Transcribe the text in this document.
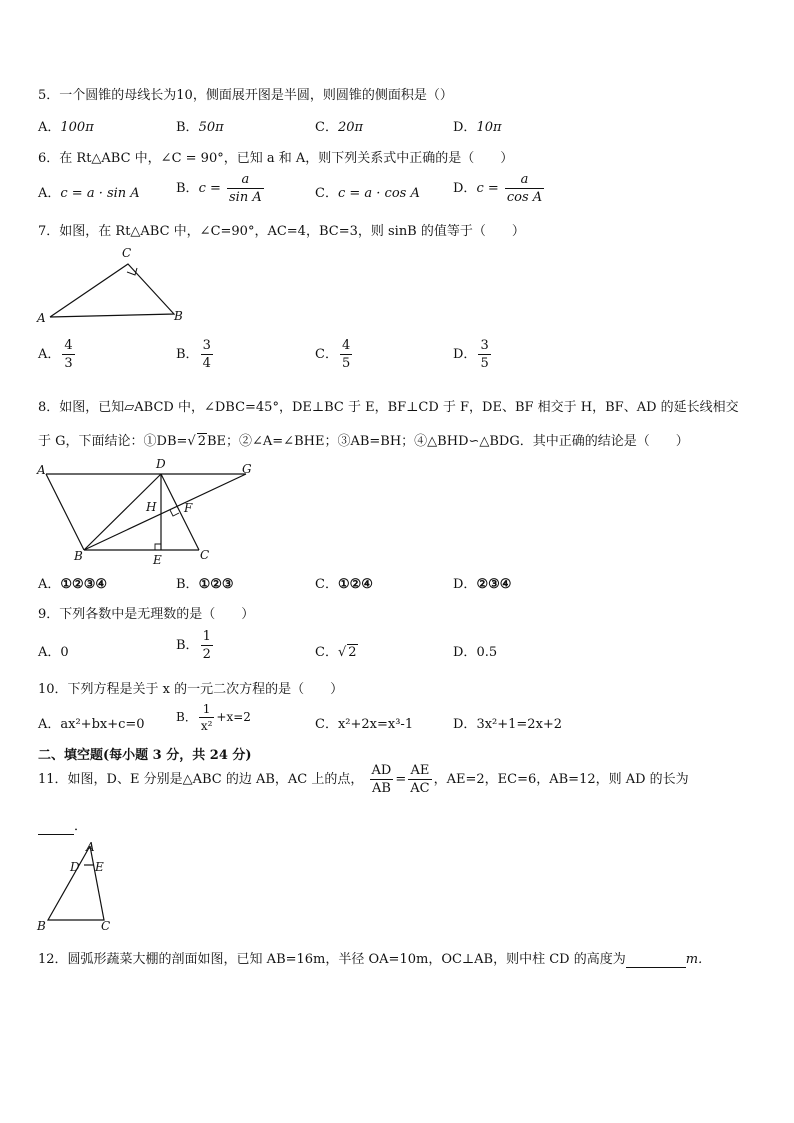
5．一个圆锥的母线长为10，侧面展开图是半圆，则圆锥的侧面积是（）
A．100π	B．50π	C．20π	D．10π
6．在 Rt△ABC 中，∠C = 90°，已知 a 和 A，则下列关系式中正确的是（　　）
A．c = a · sin A	B．$c = \frac{a}{\text{sin A}}$	C．c = a · cos A	D．$c = \frac{a}{\text{cos A}}$
7．如图，在 Rt△ABC 中，∠C=90°，AC=4，BC=3，则 sinB 的值等于（　　）
A
C
B
A． $\frac{4}{3}$	B． $\frac{3}{4}$	C． $\frac{4}{5}$	D． $\frac{3}{5}$
8．如图，已知▱ABCD 中，∠DBC=45°，DE⊥BC 于 E，BF⊥CD 于 F，DE、BF 相交于 H，BF、AD 的延长线相交
于 G，下面结论：①DB=√ 2BE；②∠A=∠BHE；③AB=BH；④△BHD∽△BDG．其中正确的结论是（　　）
A	D	G
H F
B	E	C
A．①②③④	B．①②③	C．①②④	D．②③④
9．下列各数中是无理数的是（　　）
A．0	B． $\frac{1}{2}$	C．√ 2	D．0.5
10．下列方程是关于 x 的一元二次方程的是（　　）
A．ax²+bx+c=0	B． $\frac{1}{\text{x²}} +x=2$	C．x²+2x=x³-1	D．3x²+1=2x+2
二、填空题(每小题 3 分，共 24 分)
11．如图，D、E 分别是△ABC 的边 AB，AC 上的点， $\frac{AD}{AB} = \frac{AE}{AC}$ ，AE=2，EC=6，AB=12，则 AD 的长为
．
A
D E
B	C
12．圆弧形蔬菜大棚的剖面如图，已知 AB=16m，半径 OA=10m，OC⊥AB，则中柱 CD 的高度为	m．
